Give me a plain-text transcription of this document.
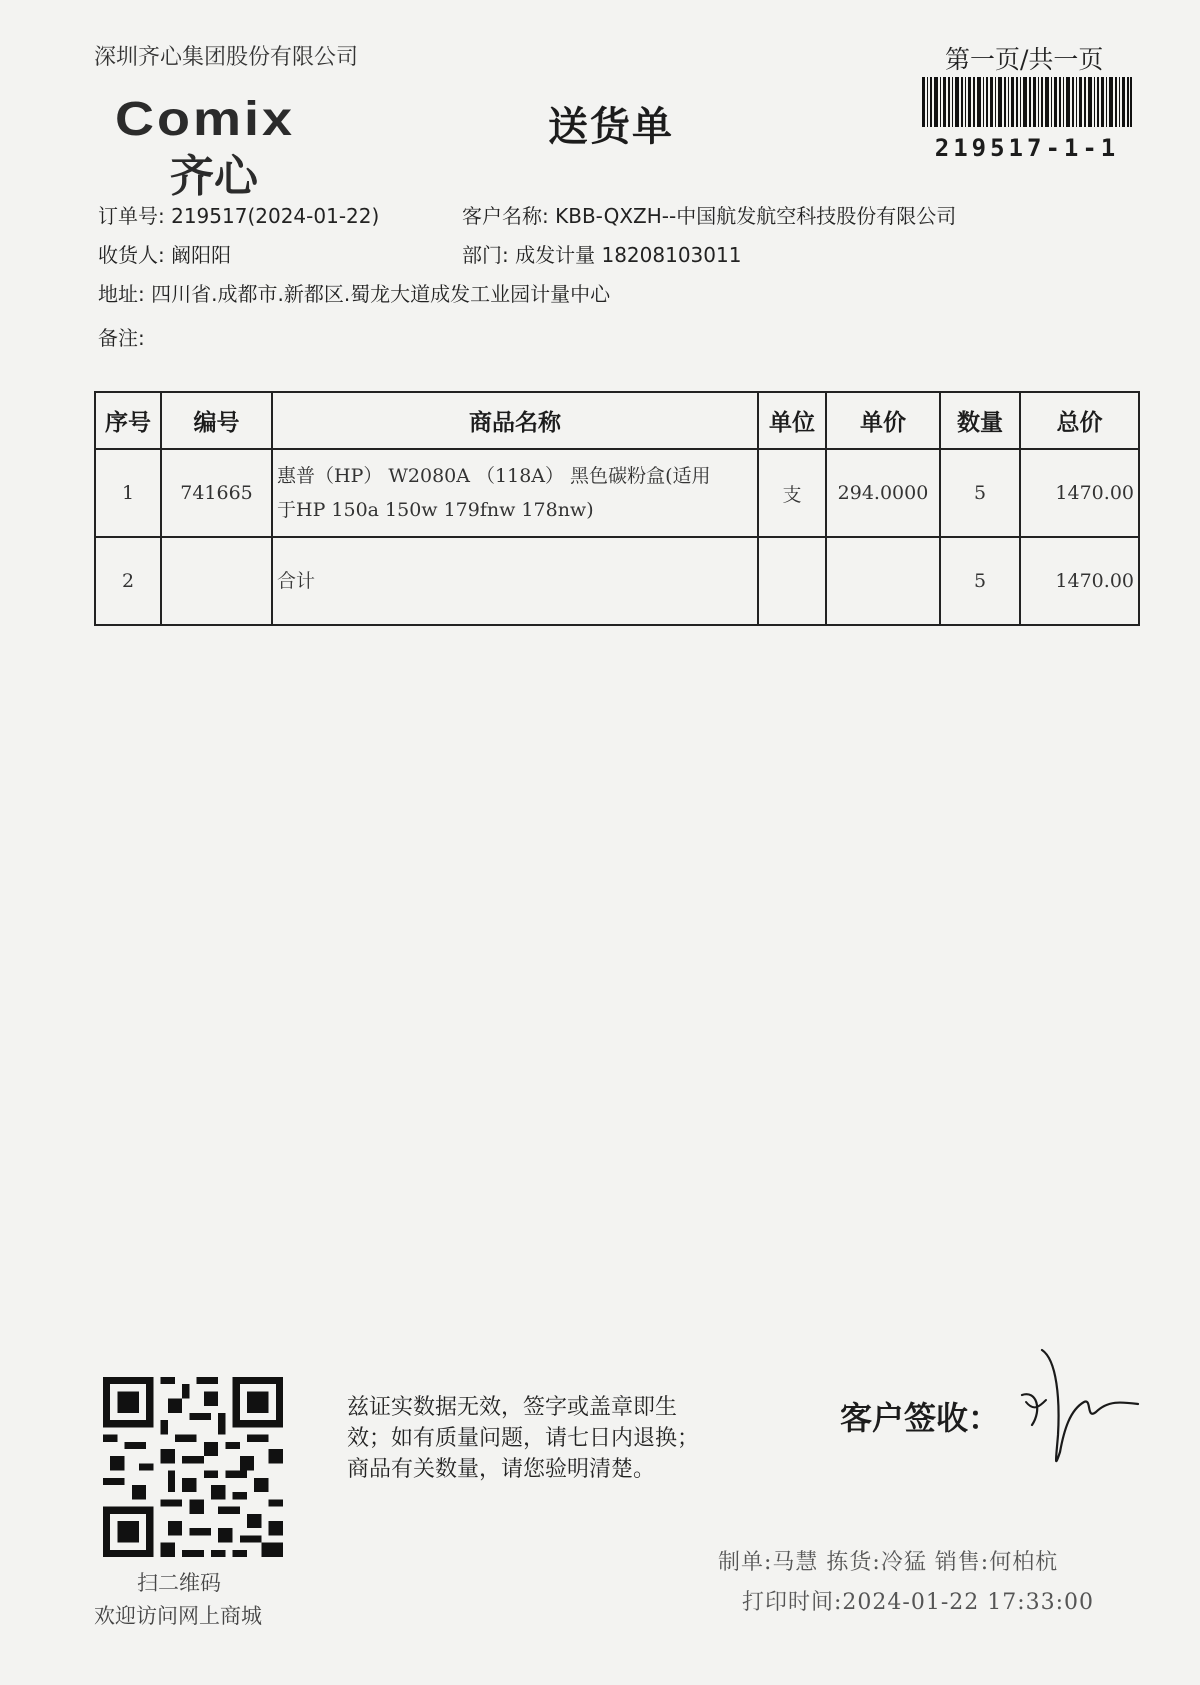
深圳齐心集团股份有限公司	第一页/共一页
219517-1-1
Comix
齐心
送货单
订单号: 219517(2024-01-22)	客户名称: KBB-QXZH--中国航发航空科技股份有限公司
收货人: 阚阳阳	部门: 成发计量 18208103011
地址: 四川省.成都市.新都区.蜀龙大道成发工业园计量中心
备注:
序号	编号	商品名称	单位	单价	数量	总价
1	741665	惠普（HP） W2080A （118A） 黑色碳粉盒(适用
于HP 150a 150w 179fnw 178nw)	支	294.0000	5	1470.00
2		合计			5	1470.00
扫二维码
欢迎访问网上商城
兹证实数据无效，签字或盖章即生
效；如有质量问题，请七日内退换；
商品有关数量，请您验明清楚。
客户签收：
制单:马慧 拣货:冷猛 销售:何柏杭
打印时间:2024-01-22 17:33:00
